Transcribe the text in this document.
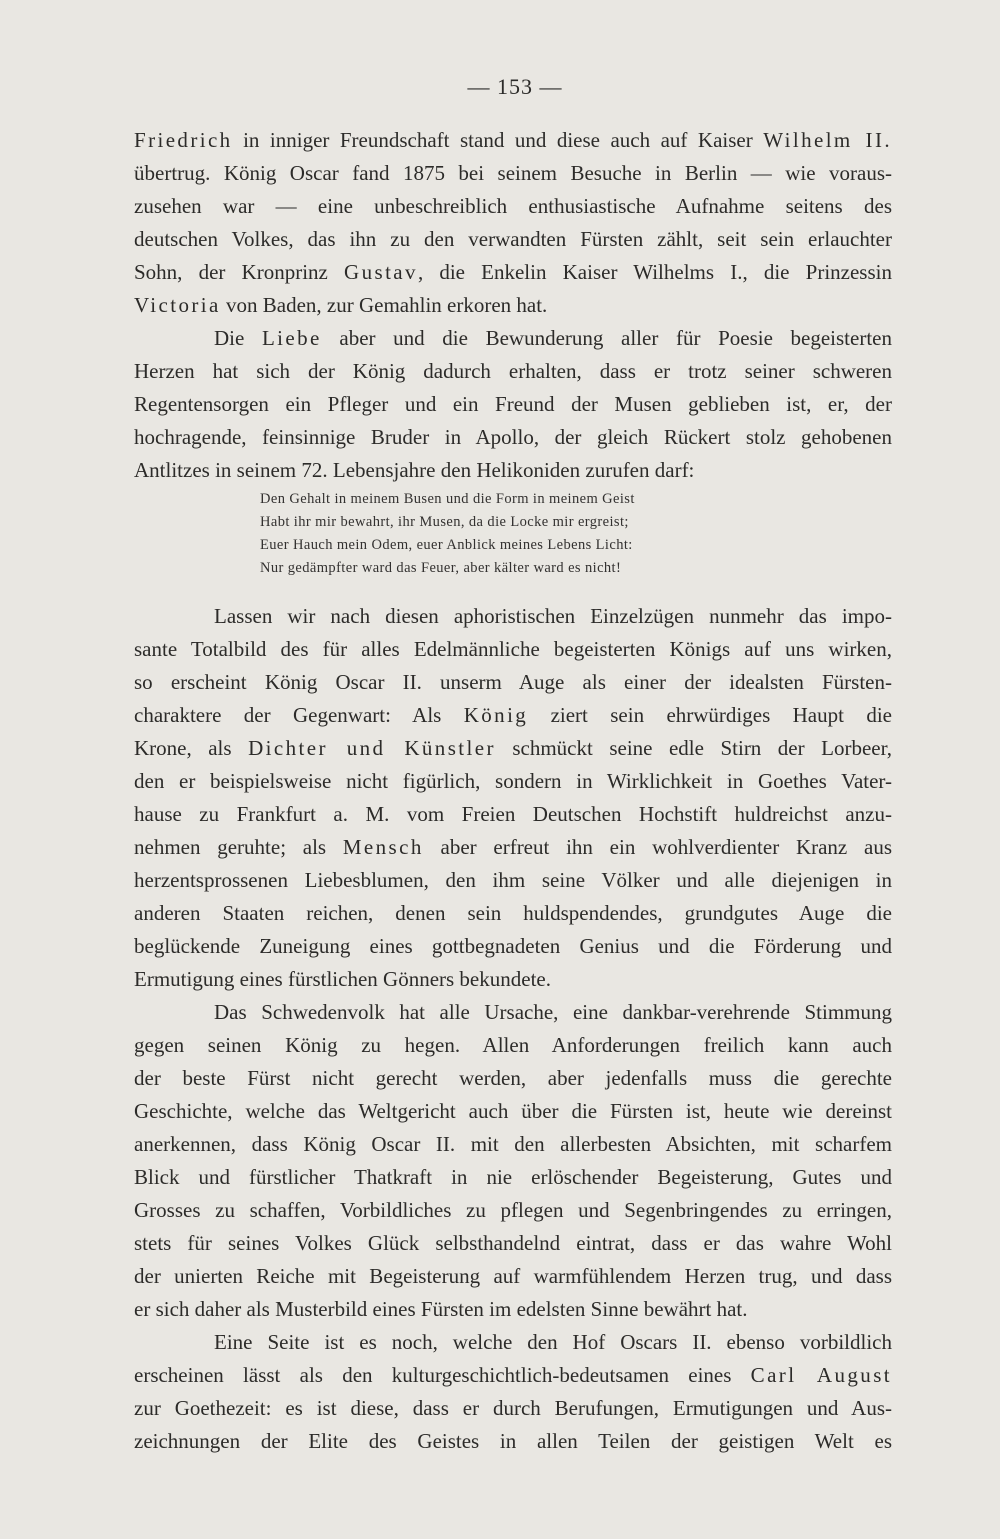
— 153 —
Friedrich in inniger Freundschaft stand und diese auch auf Kaiser Wilhelm II.
übertrug. König Oscar fand 1875 bei seinem Besuche in Berlin — wie voraus-
zusehen war — eine unbeschreiblich enthusiastische Aufnahme seitens des
deutschen Volkes, das ihn zu den verwandten Fürsten zählt, seit sein erlauchter
Sohn, der Kronprinz Gustav, die Enkelin Kaiser Wilhelms I., die Prinzessin
Victoria von Baden, zur Gemahlin erkoren hat.
Die Liebe aber und die Bewunderung aller für Poesie begeisterten
Herzen hat sich der König dadurch erhalten, dass er trotz seiner schweren
Regentensorgen ein Pfleger und ein Freund der Musen geblieben ist, er, der
hochragende, feinsinnige Bruder in Apollo, der gleich Rückert stolz gehobenen
Antlitzes in seinem 72. Lebensjahre den Helikoniden zurufen darf:
Den Gehalt in meinem Busen und die Form in meinem Geist
Habt ihr mir bewahrt, ihr Musen, da die Locke mir ergreist;
Euer Hauch mein Odem, euer Anblick meines Lebens Licht:
Nur gedämpfter ward das Feuer, aber kälter ward es nicht!
Lassen wir nach diesen aphoristischen Einzelzügen nunmehr das impo-
sante Totalbild des für alles Edelmännliche begeisterten Königs auf uns wirken,
so erscheint König Oscar II. unserm Auge als einer der idealsten Fürsten-
charaktere der Gegenwart: Als König ziert sein ehrwürdiges Haupt die
Krone, als Dichter und Künstler schmückt seine edle Stirn der Lorbeer,
den er beispielsweise nicht figürlich, sondern in Wirklichkeit in Goethes Vater-
hause zu Frankfurt a. M. vom Freien Deutschen Hochstift huldreichst anzu-
nehmen geruhte; als Mensch aber erfreut ihn ein wohlverdienter Kranz aus
herzentsprossenen Liebesblumen, den ihm seine Völker und alle diejenigen in
anderen Staaten reichen, denen sein huldspendendes, grundgutes Auge die
beglückende Zuneigung eines gottbegnadeten Genius und die Förderung und
Ermutigung eines fürstlichen Gönners bekundete.
Das Schwedenvolk hat alle Ursache, eine dankbar-verehrende Stimmung
gegen seinen König zu hegen. Allen Anforderungen freilich kann auch
der beste Fürst nicht gerecht werden, aber jedenfalls muss die gerechte
Geschichte, welche das Weltgericht auch über die Fürsten ist, heute wie dereinst
anerkennen, dass König Oscar II. mit den allerbesten Absichten, mit scharfem
Blick und fürstlicher Thatkraft in nie erlöschender Begeisterung, Gutes und
Grosses zu schaffen, Vorbildliches zu pflegen und Segenbringendes zu erringen,
stets für seines Volkes Glück selbsthandelnd eintrat, dass er das wahre Wohl
der unierten Reiche mit Begeisterung auf warmfühlendem Herzen trug, und dass
er sich daher als Musterbild eines Fürsten im edelsten Sinne bewährt hat.
Eine Seite ist es noch, welche den Hof Oscars II. ebenso vorbildlich
erscheinen lässt als den kulturgeschichtlich-bedeutsamen eines Carl August
zur Goethezeit: es ist diese, dass er durch Berufungen, Ermutigungen und Aus-
zeichnungen der Elite des Geistes in allen Teilen der geistigen Welt es
